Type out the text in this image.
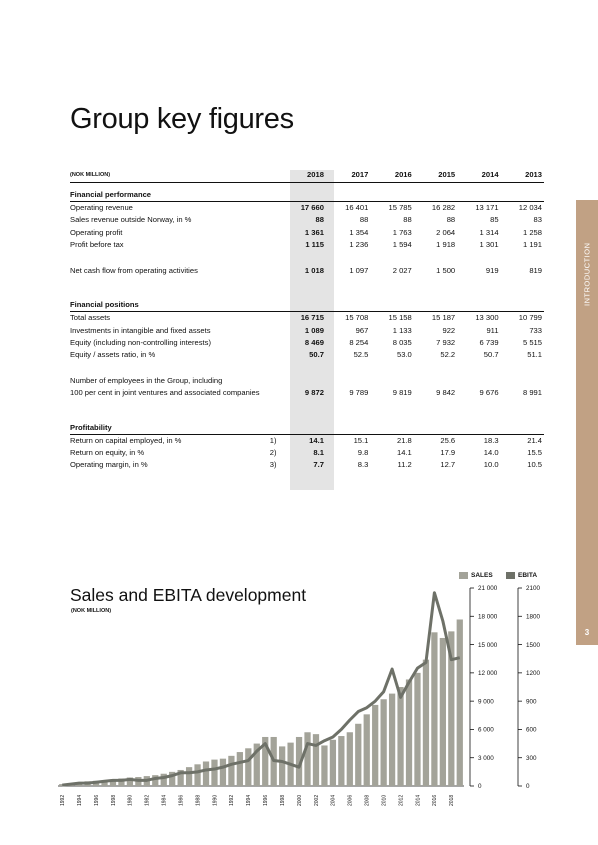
Group key figures
INTRODUCTION
3
(NOK MILLION)		2018	2017	2016	2015	2014	2013

Financial performance							
Operating revenue		17 660	16 401	15 785	16 282	13 171	12 034
Sales revenue outside Norway, in %		88	88	88	88	85	83
Operating profit		1 361	1 354	1 763	2 064	1 314	1 258
Profit before tax		1 115	1 236	1 594	1 918	1 301	1 191

Net cash flow from operating activities		1 018	1 097	2 027	1 500	919	819

Financial positions							
Total assets		16 715	15 708	15 158	15 187	13 300	10 799
Investments in intangible and fixed assets		1 089	967	1 133	922	911	733
Equity (including non-controlling interests)		8 469	8 254	8 035	7 932	6 739	5 515
Equity / assets ratio, in %		50.7	52.5	53.0	52.2	50.7	51.1

Number of employees in the Group, including							
100 per cent in joint ventures and associated companies		9 872	9 789	9 819	9 842	9 676	8 991

Profitability							
Return on capital employed, in %	1)	14.1	15.1	21.8	25.6	18.3	21.4
Return on equity, in %	2)	8.1	9.8	14.1	17.9	14.0	15.5
Operating margin, in %	3)	7.7	8.3	11.2	12.7	10.0	10.5
Sales and EBITA development
(NOK MILLION)
SALES	EBITA
0
3 000
6 000
9 000
12 000
15 000
18 000
21 000
0
300
600
900
1200
1500
1800
2100
1992 1994 1996 1998 1980 1982 1984 1986 1988 1990 1992 1994 1996 1998 2000 2002 2004 2006 2008 2010 2012 2014 2016 2018
